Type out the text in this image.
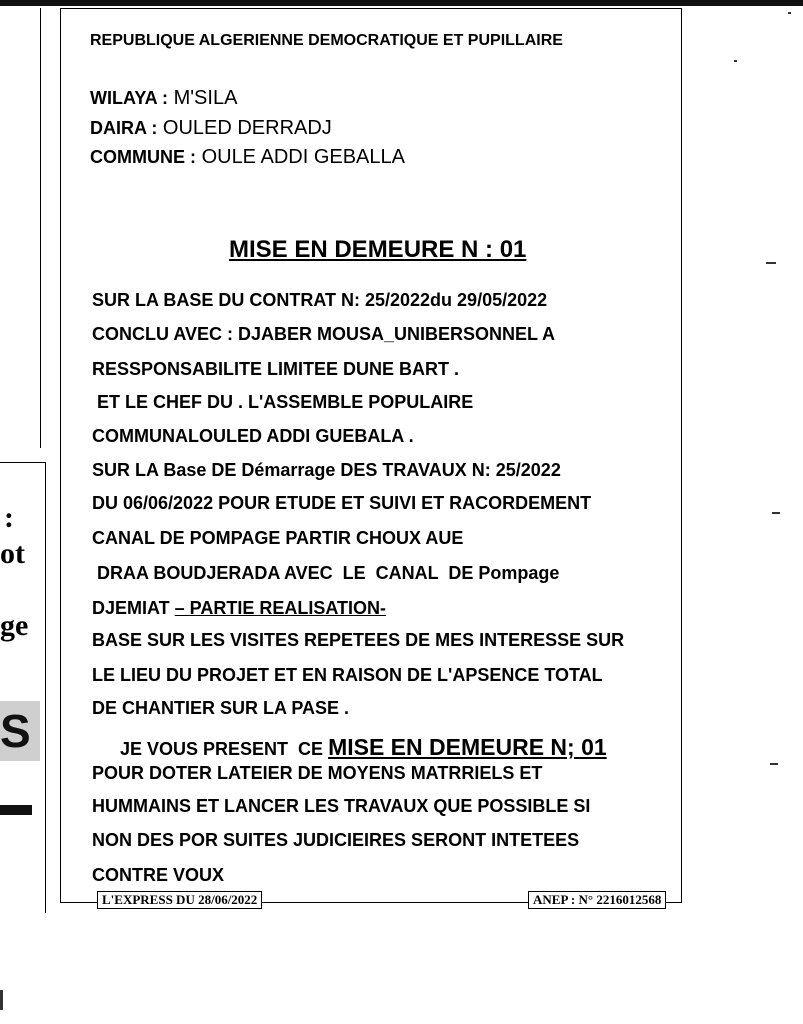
:
ot
ge
S
REPUBLIQUE ALGERIENNE DEMOCRATIQUE ET PUPILLAIRE
WILAYA : M'SILA
DAIRA : OULED DERRADJ
COMMUNE : OULE ADDI GEBALLA
MISE EN DEMEURE N : 01
SUR LA BASE DU CONTRAT N: 25/2022du 29/05/2022
CONCLU AVEC : DJABER MOUSA_UNIBERSONNEL A
RESSPONSABILITE LIMITEE DUNE BART .
ET LE CHEF DU . L'ASSEMBLE POPULAIRE
COMMUNALOULED ADDI GUEBALA .
SUR LA Base DE Démarrage DES TRAVAUX N: 25/2022
DU 06/06/2022 POUR ETUDE ET SUIVI ET RACORDEMENT
CANAL DE POMPAGE PARTIR CHOUX AUE
DRAA BOUDJERADA AVEC  LE  CANAL  DE Pompage
DJEMIAT – PARTIE REALISATION-
BASE SUR LES VISITES REPETEES DE MES INTERESSE SUR
LE LIEU DU PROJET ET EN RAISON DE L'APSENCE TOTAL
DE CHANTIER SUR LA PASE .
JE VOUS PRESENT  CE MISE EN DEMEURE N; 01
POUR DOTER LATEIER DE MOYENS MATRRIELS ET
HUMMAINS ET LANCER LES TRAVAUX QUE POSSIBLE SI
NON DES POR SUITES JUDICIEIRES SERONT INTETEES
CONTRE VOUX
L'EXPRESS DU 28/06/2022	ANEP : N° 2216012568
